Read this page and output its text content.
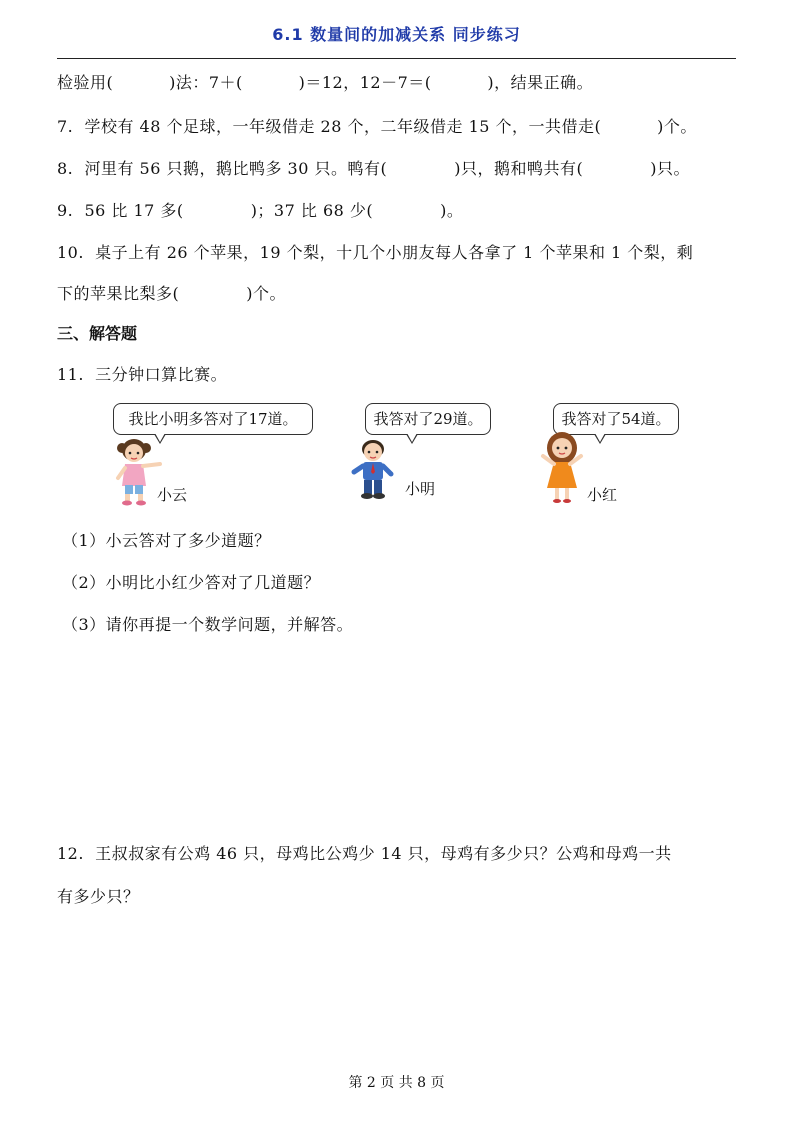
6.1 数量间的加减关系 同步练习
检验用(          )法：7＋(          )＝12，12－7＝(          )，结果正确。
7.  学校有 48 个足球，一年级借走 28 个，二年级借走 15 个，一共借走(          )个。
8.  河里有 56 只鹅，鹅比鸭多 30 只。鸭有(            )只，鹅和鸭共有(            )只。
9.  56 比 17 多(            )；37 比 68 少(            )。
10.  桌子上有 26 个苹果，19 个梨，十几个小朋友每人各拿了 1 个苹果和 1 个梨，剩
下的苹果比梨多(            )个。
三、解答题
11.  三分钟口算比赛。
我比小明多答对了17道。	我答对了29道。	我答对了54道。
小云	小明	小红
（1）小云答对了多少道题？
（2）小明比小红少答对了几道题？
（3）请你再提一个数学问题，并解答。
12.  王叔叔家有公鸡 46 只，母鸡比公鸡少 14 只，母鸡有多少只？公鸡和母鸡一共
有多少只？
第 2 页 共 8 页
